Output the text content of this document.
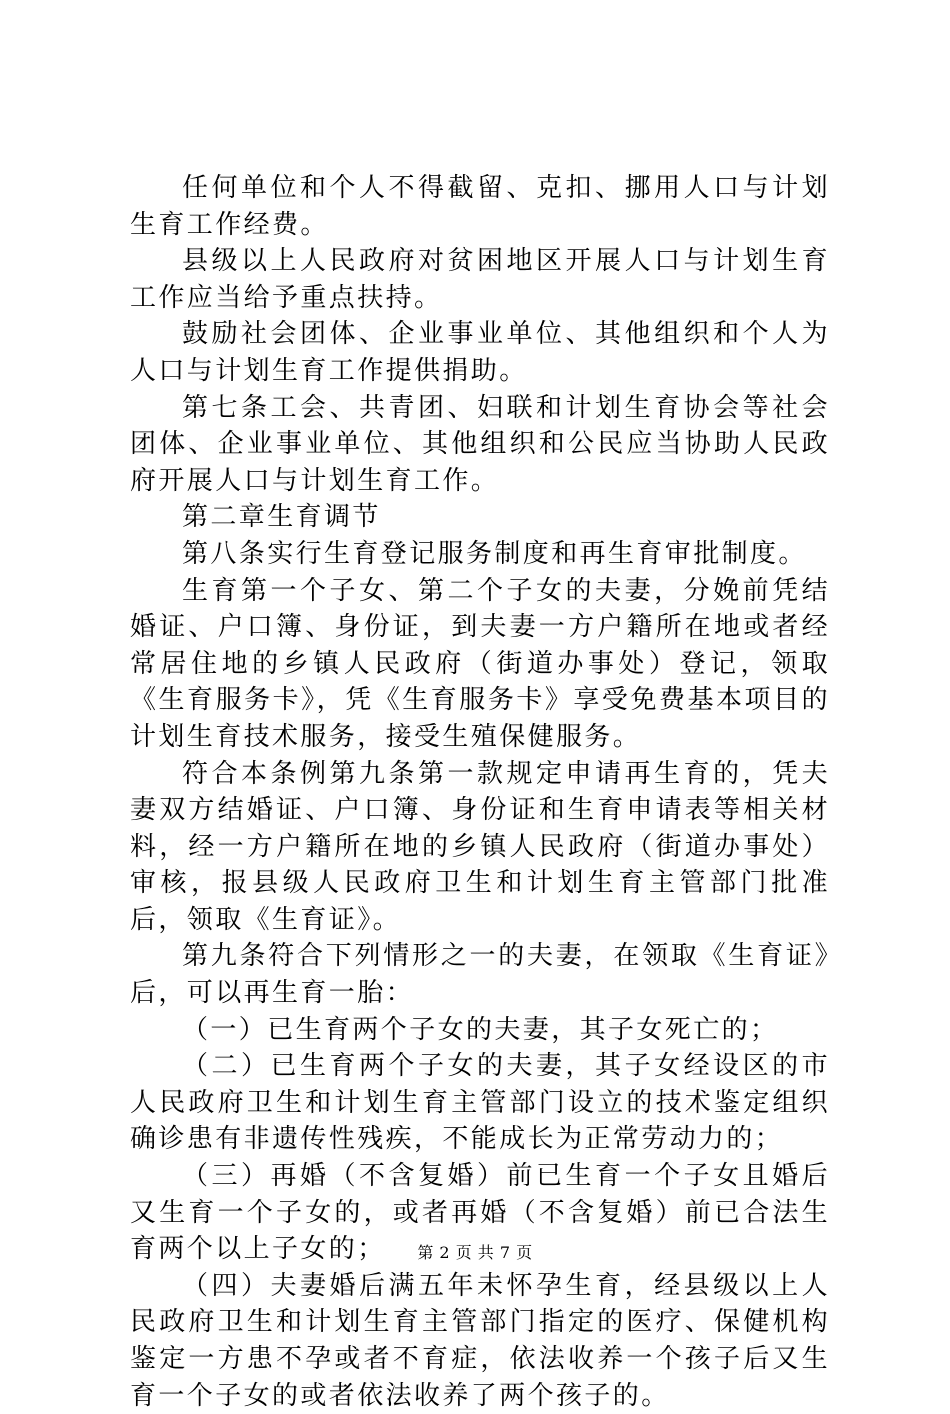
任何单位和个人不得截留、克扣、挪用人口与计划生育工作经费。

县级以上人民政府对贫困地区开展人口与计划生育工作应当给予重点扶持。

鼓励社会团体、企业事业单位、其他组织和个人为人口与计划生育工作提供捐助。

第七条工会、共青团、妇联和计划生育协会等社会团体、企业事业单位、其他组织和公民应当协助人民政府开展人口与计划生育工作。

第二章生育调节

第八条实行生育登记服务制度和再生育审批制度。

生育第一个子女、第二个子女的夫妻，分娩前凭结婚证、户口簿、身份证，到夫妻一方户籍所在地或者经常居住地的乡镇人民政府（街道办事处）登记，领取《生育服务卡》，凭《生育服务卡》享受免费基本项目的计划生育技术服务，接受生殖保健服务。

符合本条例第九条第一款规定申请再生育的，凭夫妻双方结婚证、户口簿、身份证和生育申请表等相关材料，经一方户籍所在地的乡镇人民政府（街道办事处）审核，报县级人民政府卫生和计划生育主管部门批准后，领取《生育证》。

第九条符合下列情形之一的夫妻，在领取《生育证》后，可以再生育一胎：

（一）已生育两个子女的夫妻，其子女死亡的；

（二）已生育两个子女的夫妻，其子女经设区的市人民政府卫生和计划生育主管部门设立的技术鉴定组织确诊患有非遗传性残疾，不能成长为正常劳动力的；

（三）再婚（不含复婚）前已生育一个子女且婚后又生育一个子女的，或者再婚（不含复婚）前已合法生育两个以上子女的；

（四）夫妻婚后满五年未怀孕生育，经县级以上人民政府卫生和计划生育主管部门指定的医疗、保健机构鉴定一方患不孕或者不育症，依法收养一个孩子后又生育一个子女的或者依法收养了两个孩子的。

第 2 页 共 7 页
